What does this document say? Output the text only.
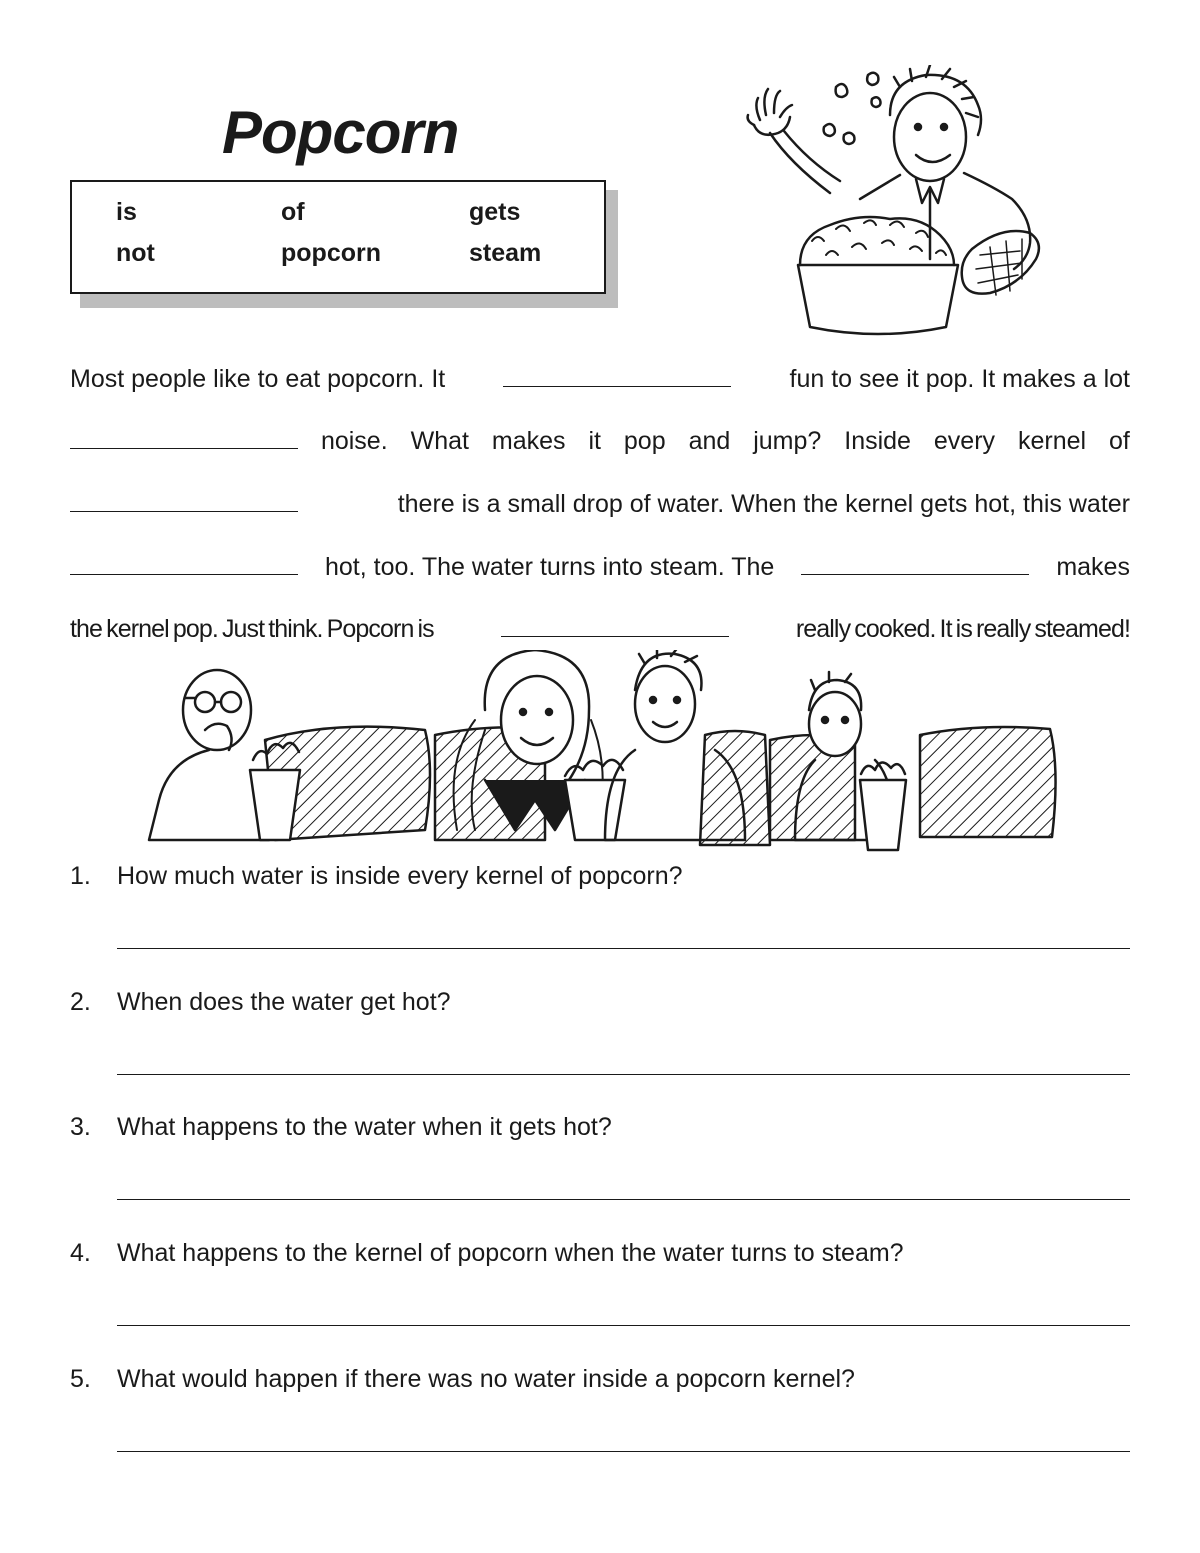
Popcorn
is	of	gets
not	popcorn	steam
Most people like to eat popcorn. It	fun to see it pop. It makes a lot
noise. What makes it pop and jump? Inside every kernel of
there is a small drop of water. When the kernel gets hot, this water
hot, too. The water turns into steam. The	makes
the kernel pop. Just think. Popcorn is	really cooked. It is really steamed!
1. How much water is inside every kernel of popcorn?
2. When does the water get hot?
3. What happens to the water when it gets hot?
4. What happens to the kernel of popcorn when the water turns to steam?
5. What would happen if there was no water inside a popcorn kernel?
